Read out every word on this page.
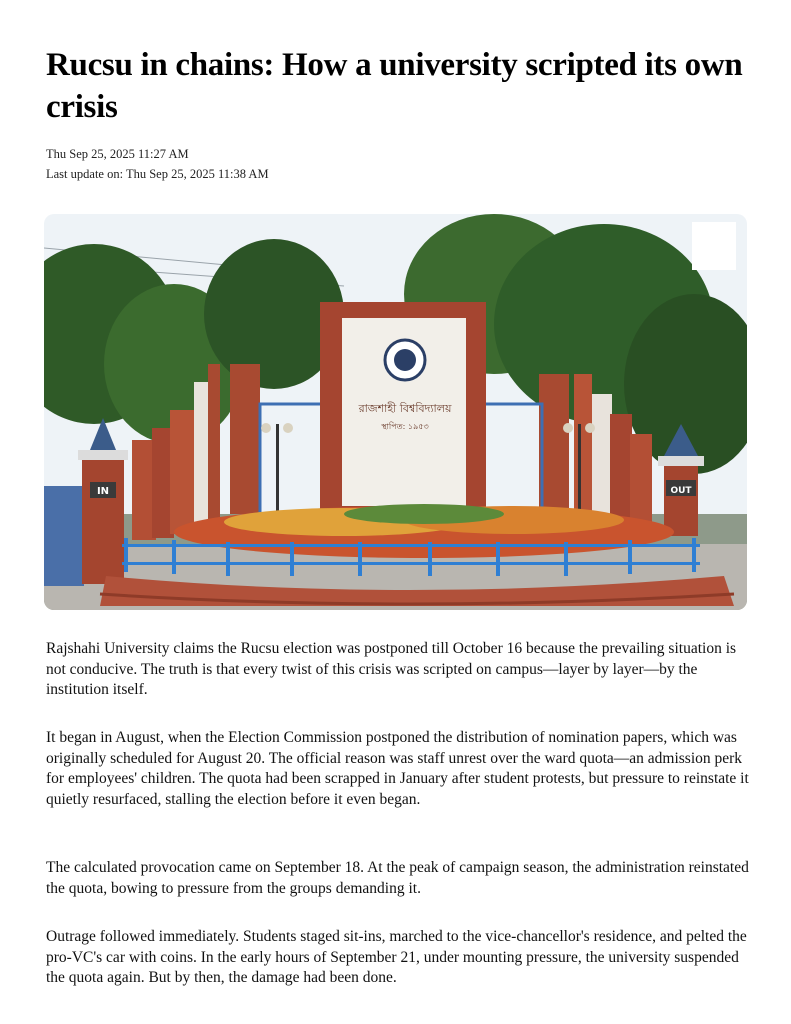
Rucsu in chains: How a university scripted its own crisis
Thu Sep 25, 2025 11:27 AM
Last update on: Thu Sep 25, 2025 11:38 AM
রাজশাহী বিশ্ববিদ্যালয়
স্থাপিত: ১৯৫৩
IN	OUT

Rajshahi University claims the Rucsu election was postponed till October 16 because the prevailing situation is not conducive. The truth is that every twist of this crisis was scripted on campus—layer by layer—by the institution itself.

It began in August, when the Election Commission postponed the distribution of nomination papers, which was originally scheduled for August 20. The official reason was staff unrest over the ward quota—an admission perk for employees' children. The quota had been scrapped in January after student protests, but pressure to reinstate it quietly resurfaced, stalling the election before it even began.

The calculated provocation came on September 18. At the peak of campaign season, the administration reinstated the quota, bowing to pressure from the groups demanding it.

Outrage followed immediately. Students staged sit-ins, marched to the vice-chancellor's residence, and pelted the pro-VC's car with coins. In the early hours of September 21, under mounting pressure, the university suspended the quota again. But by then, the damage had been done.
